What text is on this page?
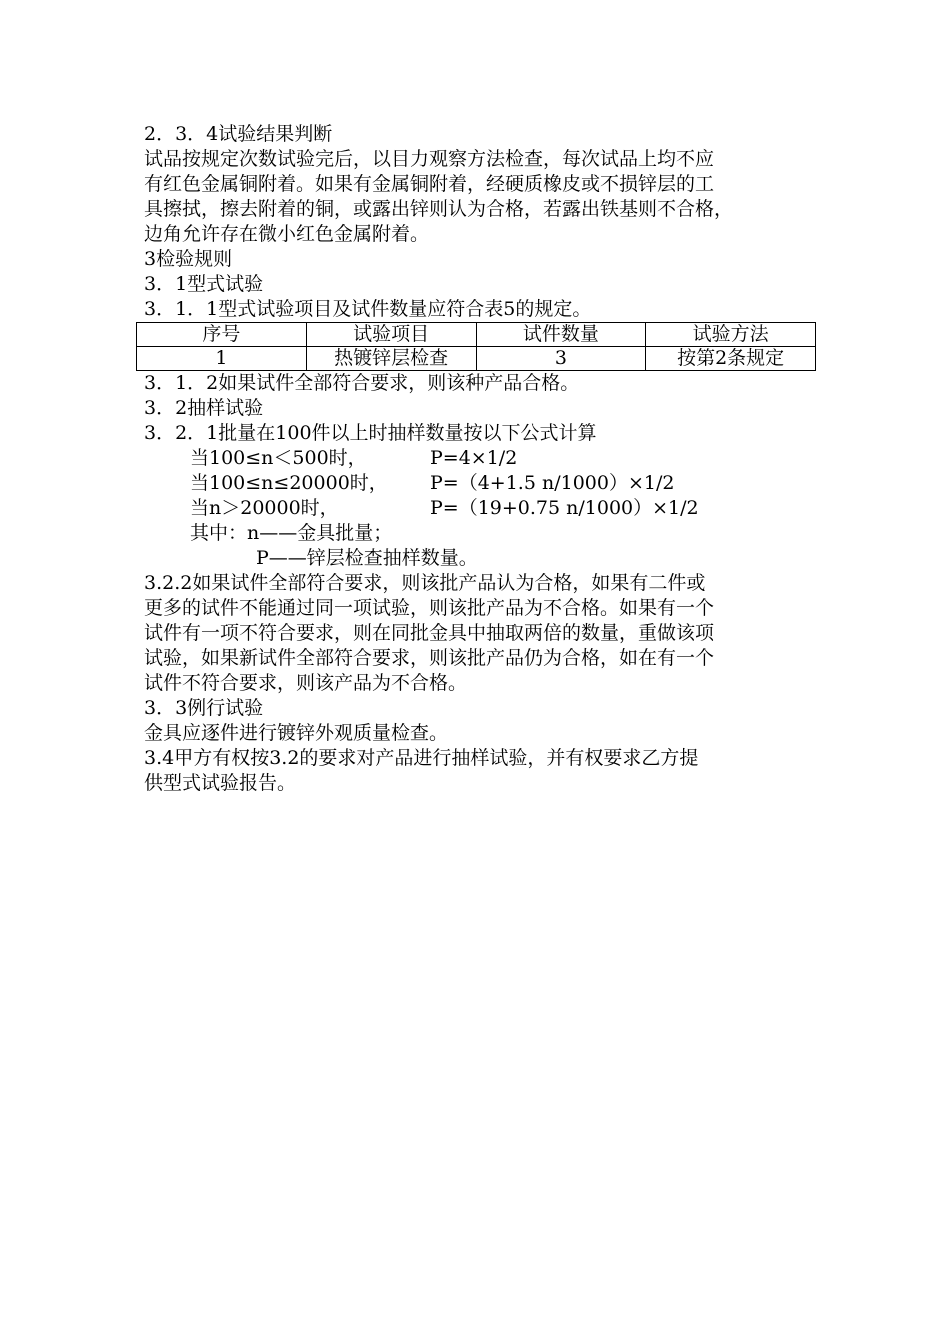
2．3．4试验结果判断
试品按规定次数试验完后，以目力观察方法检查，每次试品上均不应
有红色金属铜附着。如果有金属铜附着，经硬质橡皮或不损锌层的工
具擦拭，擦去附着的铜，或露出锌则认为合格，若露出铁基则不合格，
边角允许存在微小红色金属附着。
3检验规则
3．1型式试验
3．1．1型式试验项目及试件数量应符合表5的规定。
序号	试验项目	试件数量	试验方法
1	热镀锌层检查	3	按第2条规定
3．1．2如果试件全部符合要求，则该种产品合格。
3．2抽样试验
3．2．1批量在100件以上时抽样数量按以下公式计算
当100≤n＜500时，	P=4×1/2
当100≤n≤20000时， P=（4+1.5 n/1000）×1/2
当n＞20000时，	P=（19+0.75 n/1000）×1/2
其中：n——金具批量；
P——锌层检查抽样数量。
3.2.2如果试件全部符合要求，则该批产品认为合格，如果有二件或
更多的试件不能通过同一项试验，则该批产品为不合格。如果有一个
试件有一项不符合要求，则在同批金具中抽取两倍的数量，重做该项
试验，如果新试件全部符合要求，则该批产品仍为合格，如在有一个
试件不符合要求，则该产品为不合格。
3．3例行试验
金具应逐件进行镀锌外观质量检查。
3.4甲方有权按3.2的要求对产品进行抽样试验，并有权要求乙方提
供型式试验报告。
